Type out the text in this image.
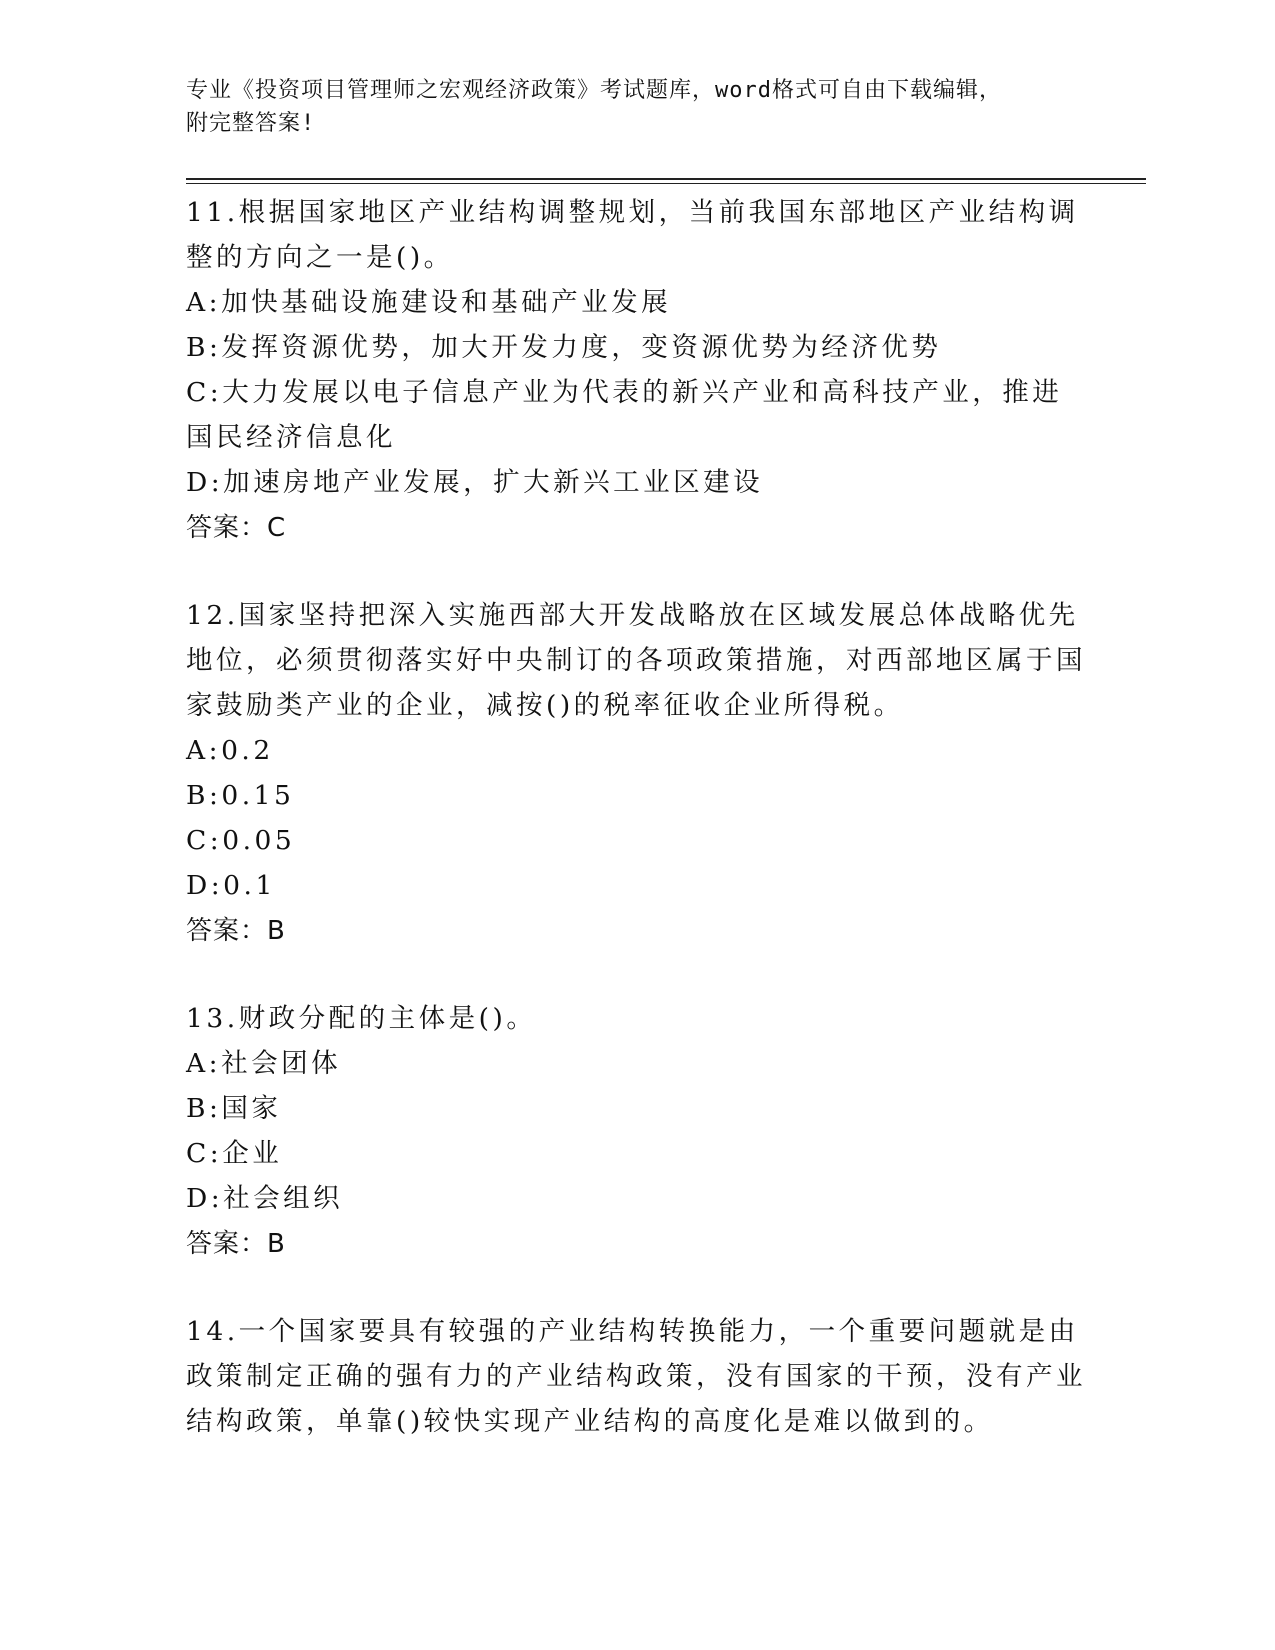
专业《投资项目管理师之宏观经济政策》考试题库，word格式可自由下载编辑，
附完整答案!

11.根据国家地区产业结构调整规划，当前我国东部地区产业结构调整的方向之一是()。

A:加快基础设施建设和基础产业发展

B:发挥资源优势，加大开发力度，变资源优势为经济优势

C:大力发展以电子信息产业为代表的新兴产业和高科技产业，推进国民经济信息化

D:加速房地产业发展，扩大新兴工业区建设

答案：C

12.国家坚持把深入实施西部大开发战略放在区域发展总体战略优先地位，必须贯彻落实好中央制订的各项政策措施，对西部地区属于国家鼓励类产业的企业，减按()的税率征收企业所得税。

A:0.2

B:0.15

C:0.05

D:0.1

答案：B

13.财政分配的主体是()。

A:社会团体

B:国家

C:企业

D:社会组织

答案：B

14.一个国家要具有较强的产业结构转换能力，一个重要问题就是由政策制定正确的强有力的产业结构政策，没有国家的干预，没有产业结构政策，单靠()较快实现产业结构的高度化是难以做到的。
